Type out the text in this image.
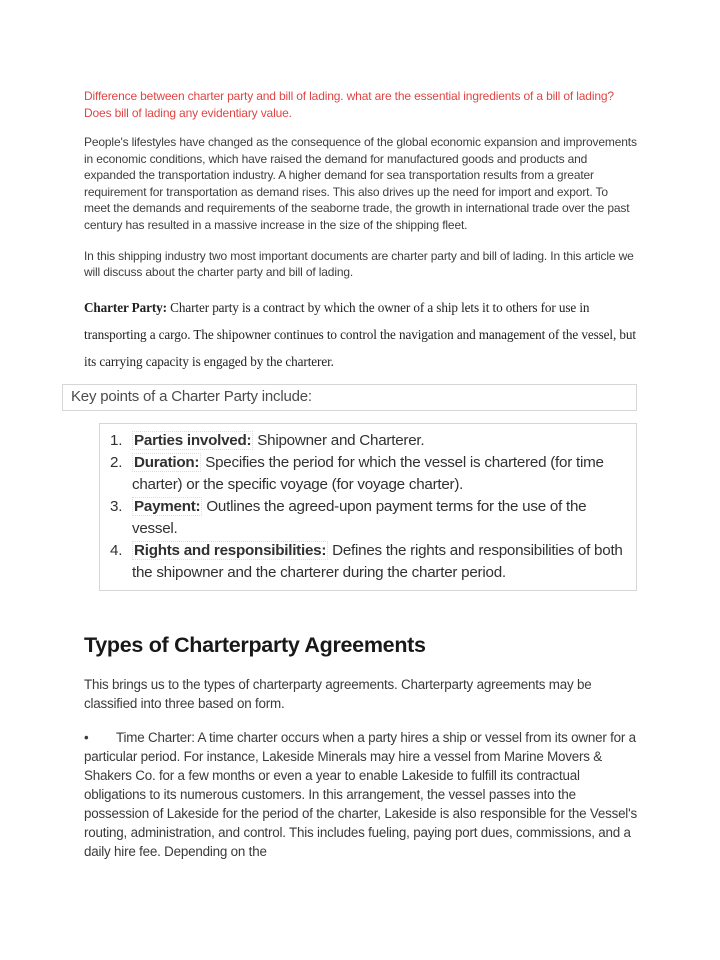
Difference between charter party and bill of lading. what are the essential ingredients of a bill of lading?
Does bill of lading any evidentiary value.

People's lifestyles have changed as the consequence of the global economic expansion and improvements in economic conditions, which have raised the demand for manufactured goods and products and expanded the transportation industry. A higher demand for sea transportation results from a greater requirement for transportation as demand rises. This also drives up the need for import and export. To meet the demands and requirements of the seaborne trade, the growth in international trade over the past century has resulted in a massive increase in the size of the shipping fleet.

In this shipping industry two most important documents are charter party and bill of lading. In this article we will discuss about the charter party and bill of lading.

Charter Party: Charter party is a contract by which the owner of a ship lets it to others for use in transporting a cargo. The shipowner continues to control the navigation and management of the vessel, but its carrying capacity is engaged by the charterer.

Key points of a Charter Party include:
1. Parties involved: Shipowner and Charterer.
2. Duration: Specifies the period for which the vessel is chartered (for time charter) or the specific voyage (for voyage charter).
3. Payment: Outlines the agreed-upon payment terms for the use of the vessel.
4. Rights and responsibilities: Defines the rights and responsibilities of both the shipowner and the charterer during the charter period.
Types of Charterparty Agreements

This brings us to the types of charterparty agreements. Charterparty agreements may be classified into three based on form.

• Time Charter: A time charter occurs when a party hires a ship or vessel from its owner for a particular period. For instance, Lakeside Minerals may hire a vessel from Marine Movers & Shakers Co. for a few months or even a year to enable Lakeside to fulfill its contractual obligations to its numerous customers. In this arrangement, the vessel passes into the possession of Lakeside for the period of the charter, Lakeside is also responsible for the Vessel's routing, administration, and control. This includes fueling, paying port dues, commissions, and a daily hire fee. Depending on the
